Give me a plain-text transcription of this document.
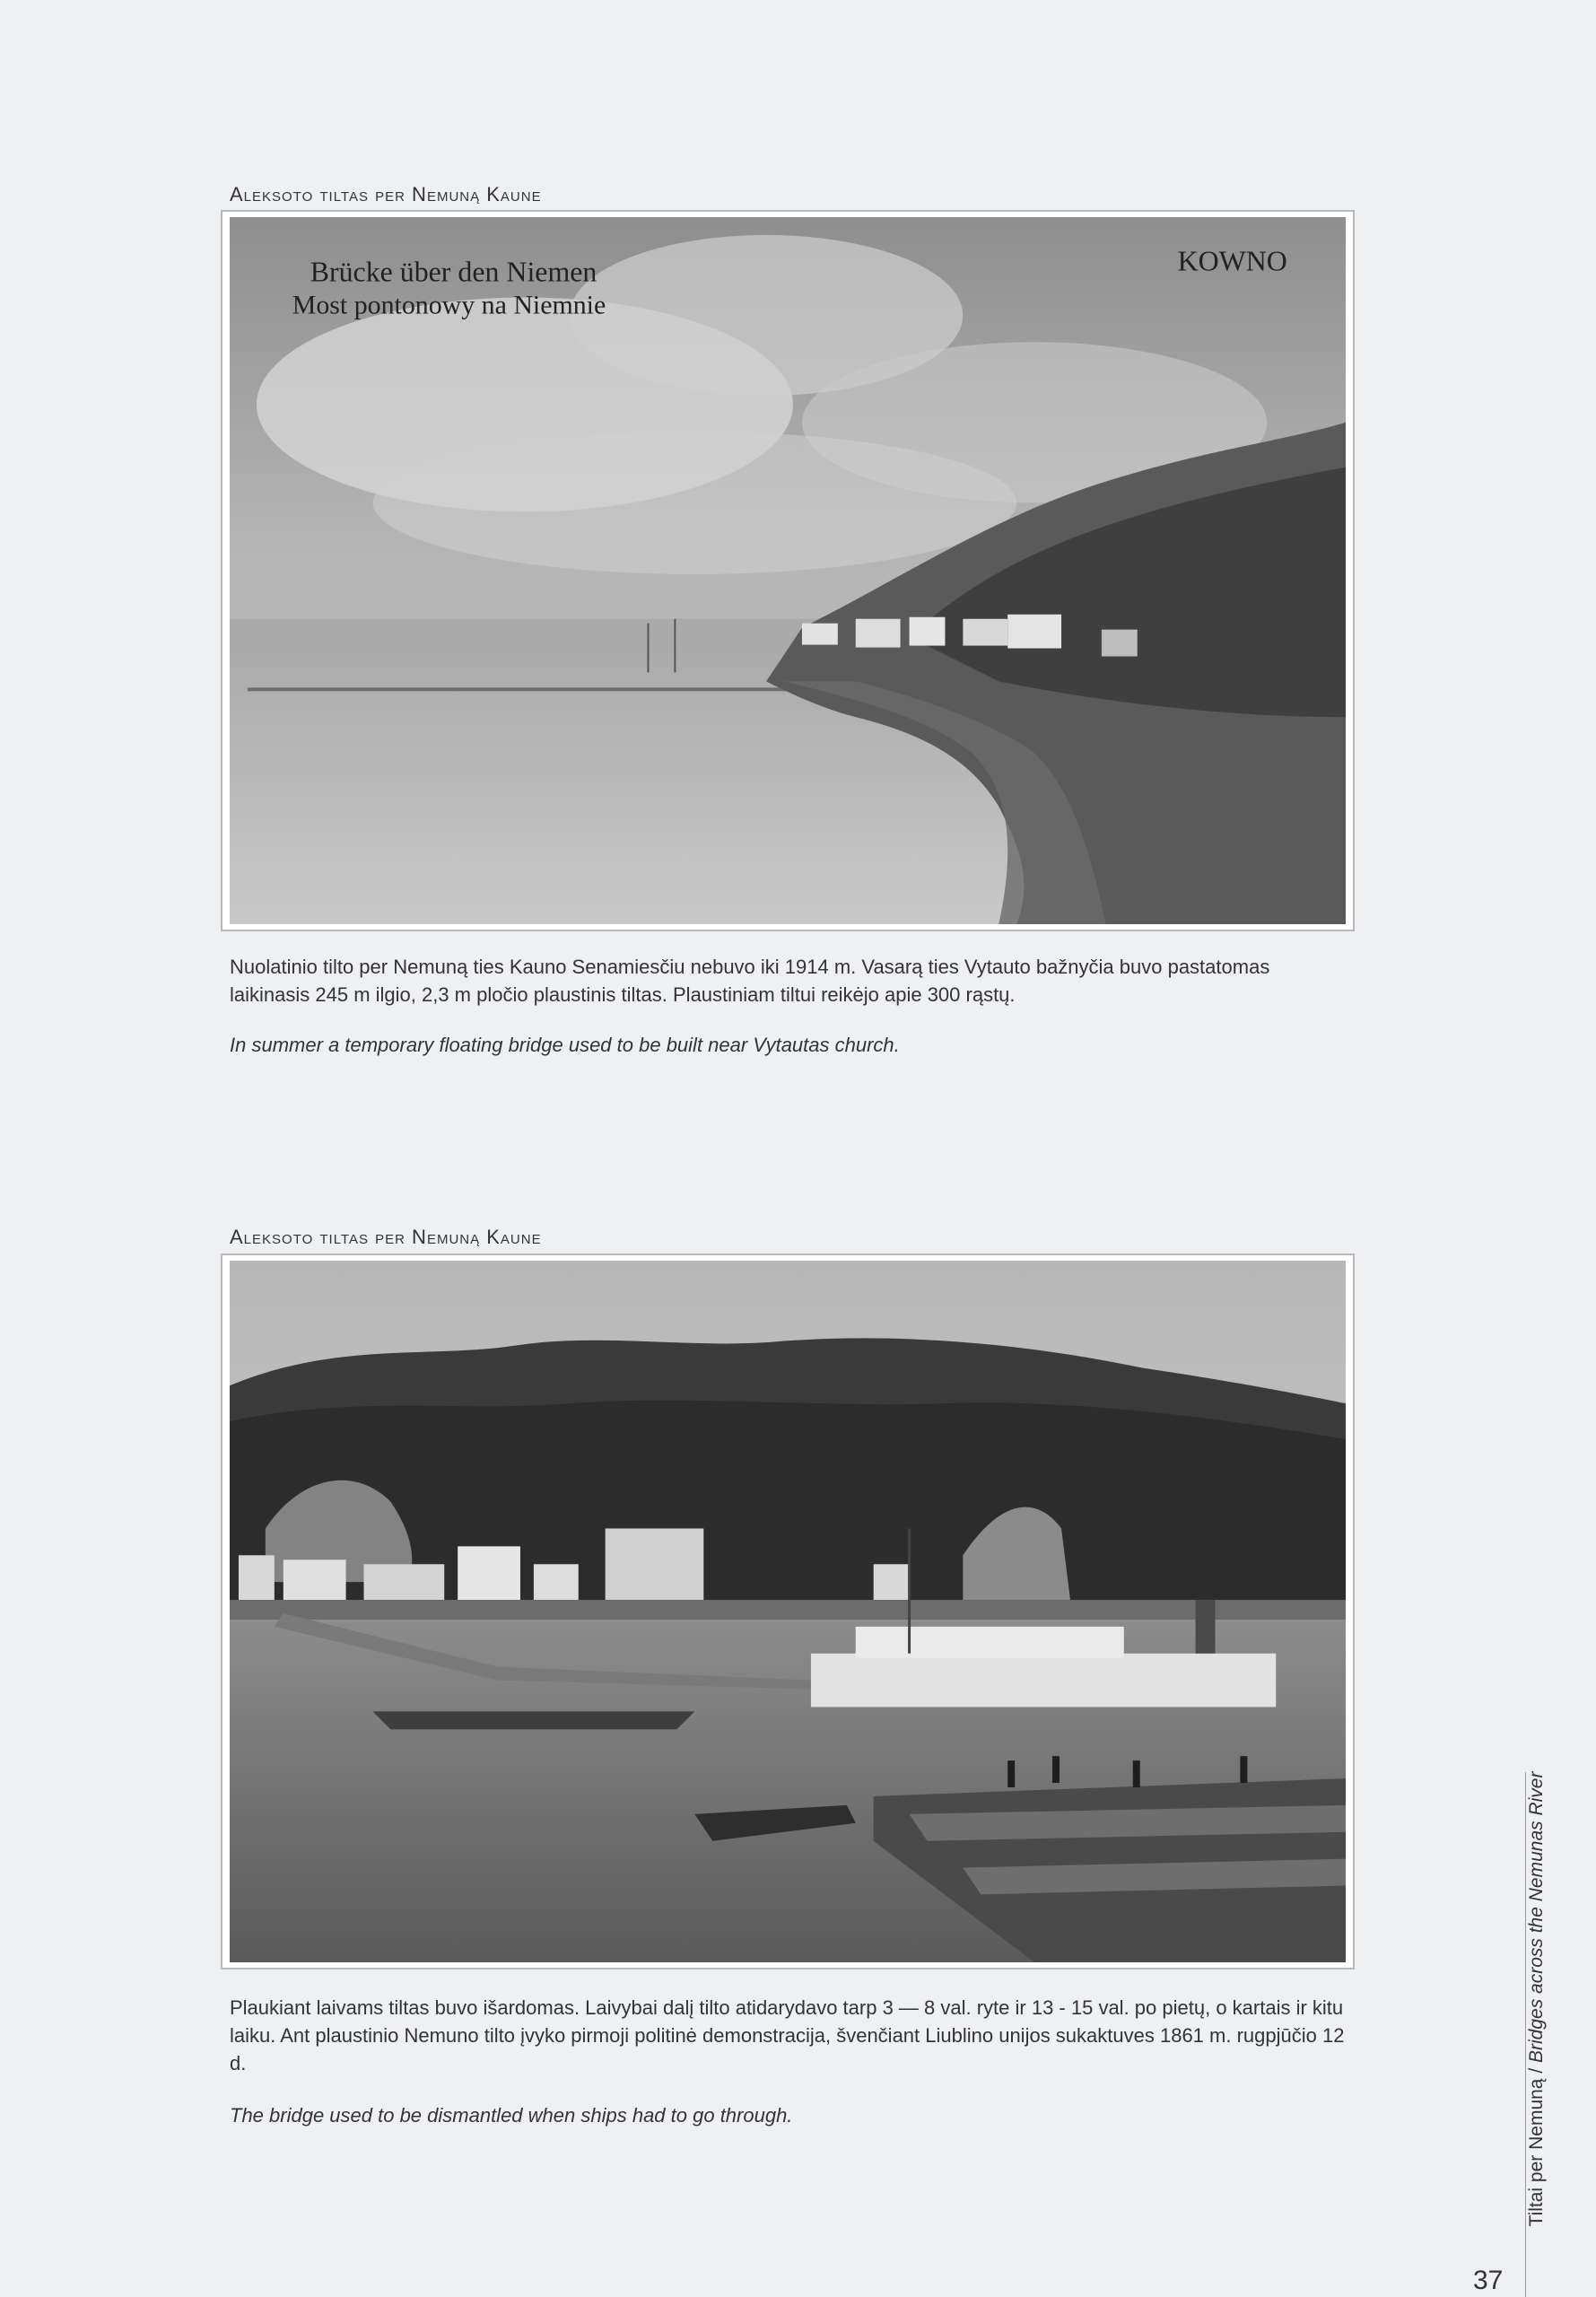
Aleksoto tiltas per Nemuną Kaune
Brücke über den Niemen
Most pontonowy na Niemnie
KOWNO
Nuolatinio tilto per Nemuną ties Kauno Senamiesčiu nebuvo iki 1914 m. Vasarą ties Vytauto bažnyčia buvo pastatomas laikinasis 245 m ilgio, 2,3 m pločio plaustinis tiltas. Plaustiniam tiltui reikėjo apie 300 rąstų.
In summer a temporary floating bridge used to be built near Vytautas church.
Aleksoto tiltas per Nemuną Kaune
Plaukiant laivams tiltas buvo išardomas. Laivybai dalį tilto atidarydavo tarp 3 — 8 val. ryte ir 13 - 15 val. po pietų, o kartais ir kitu laiku. Ant plaustinio Nemuno tilto įvyko pirmoji politinė demonstracija, švenčiant Liublino unijos sukaktuves 1861 m. rugpjūčio 12 d.
The bridge used to be dismantled when ships had to go through.	Tiltai per Nemuną / Bridges across the Nemunas River
37
